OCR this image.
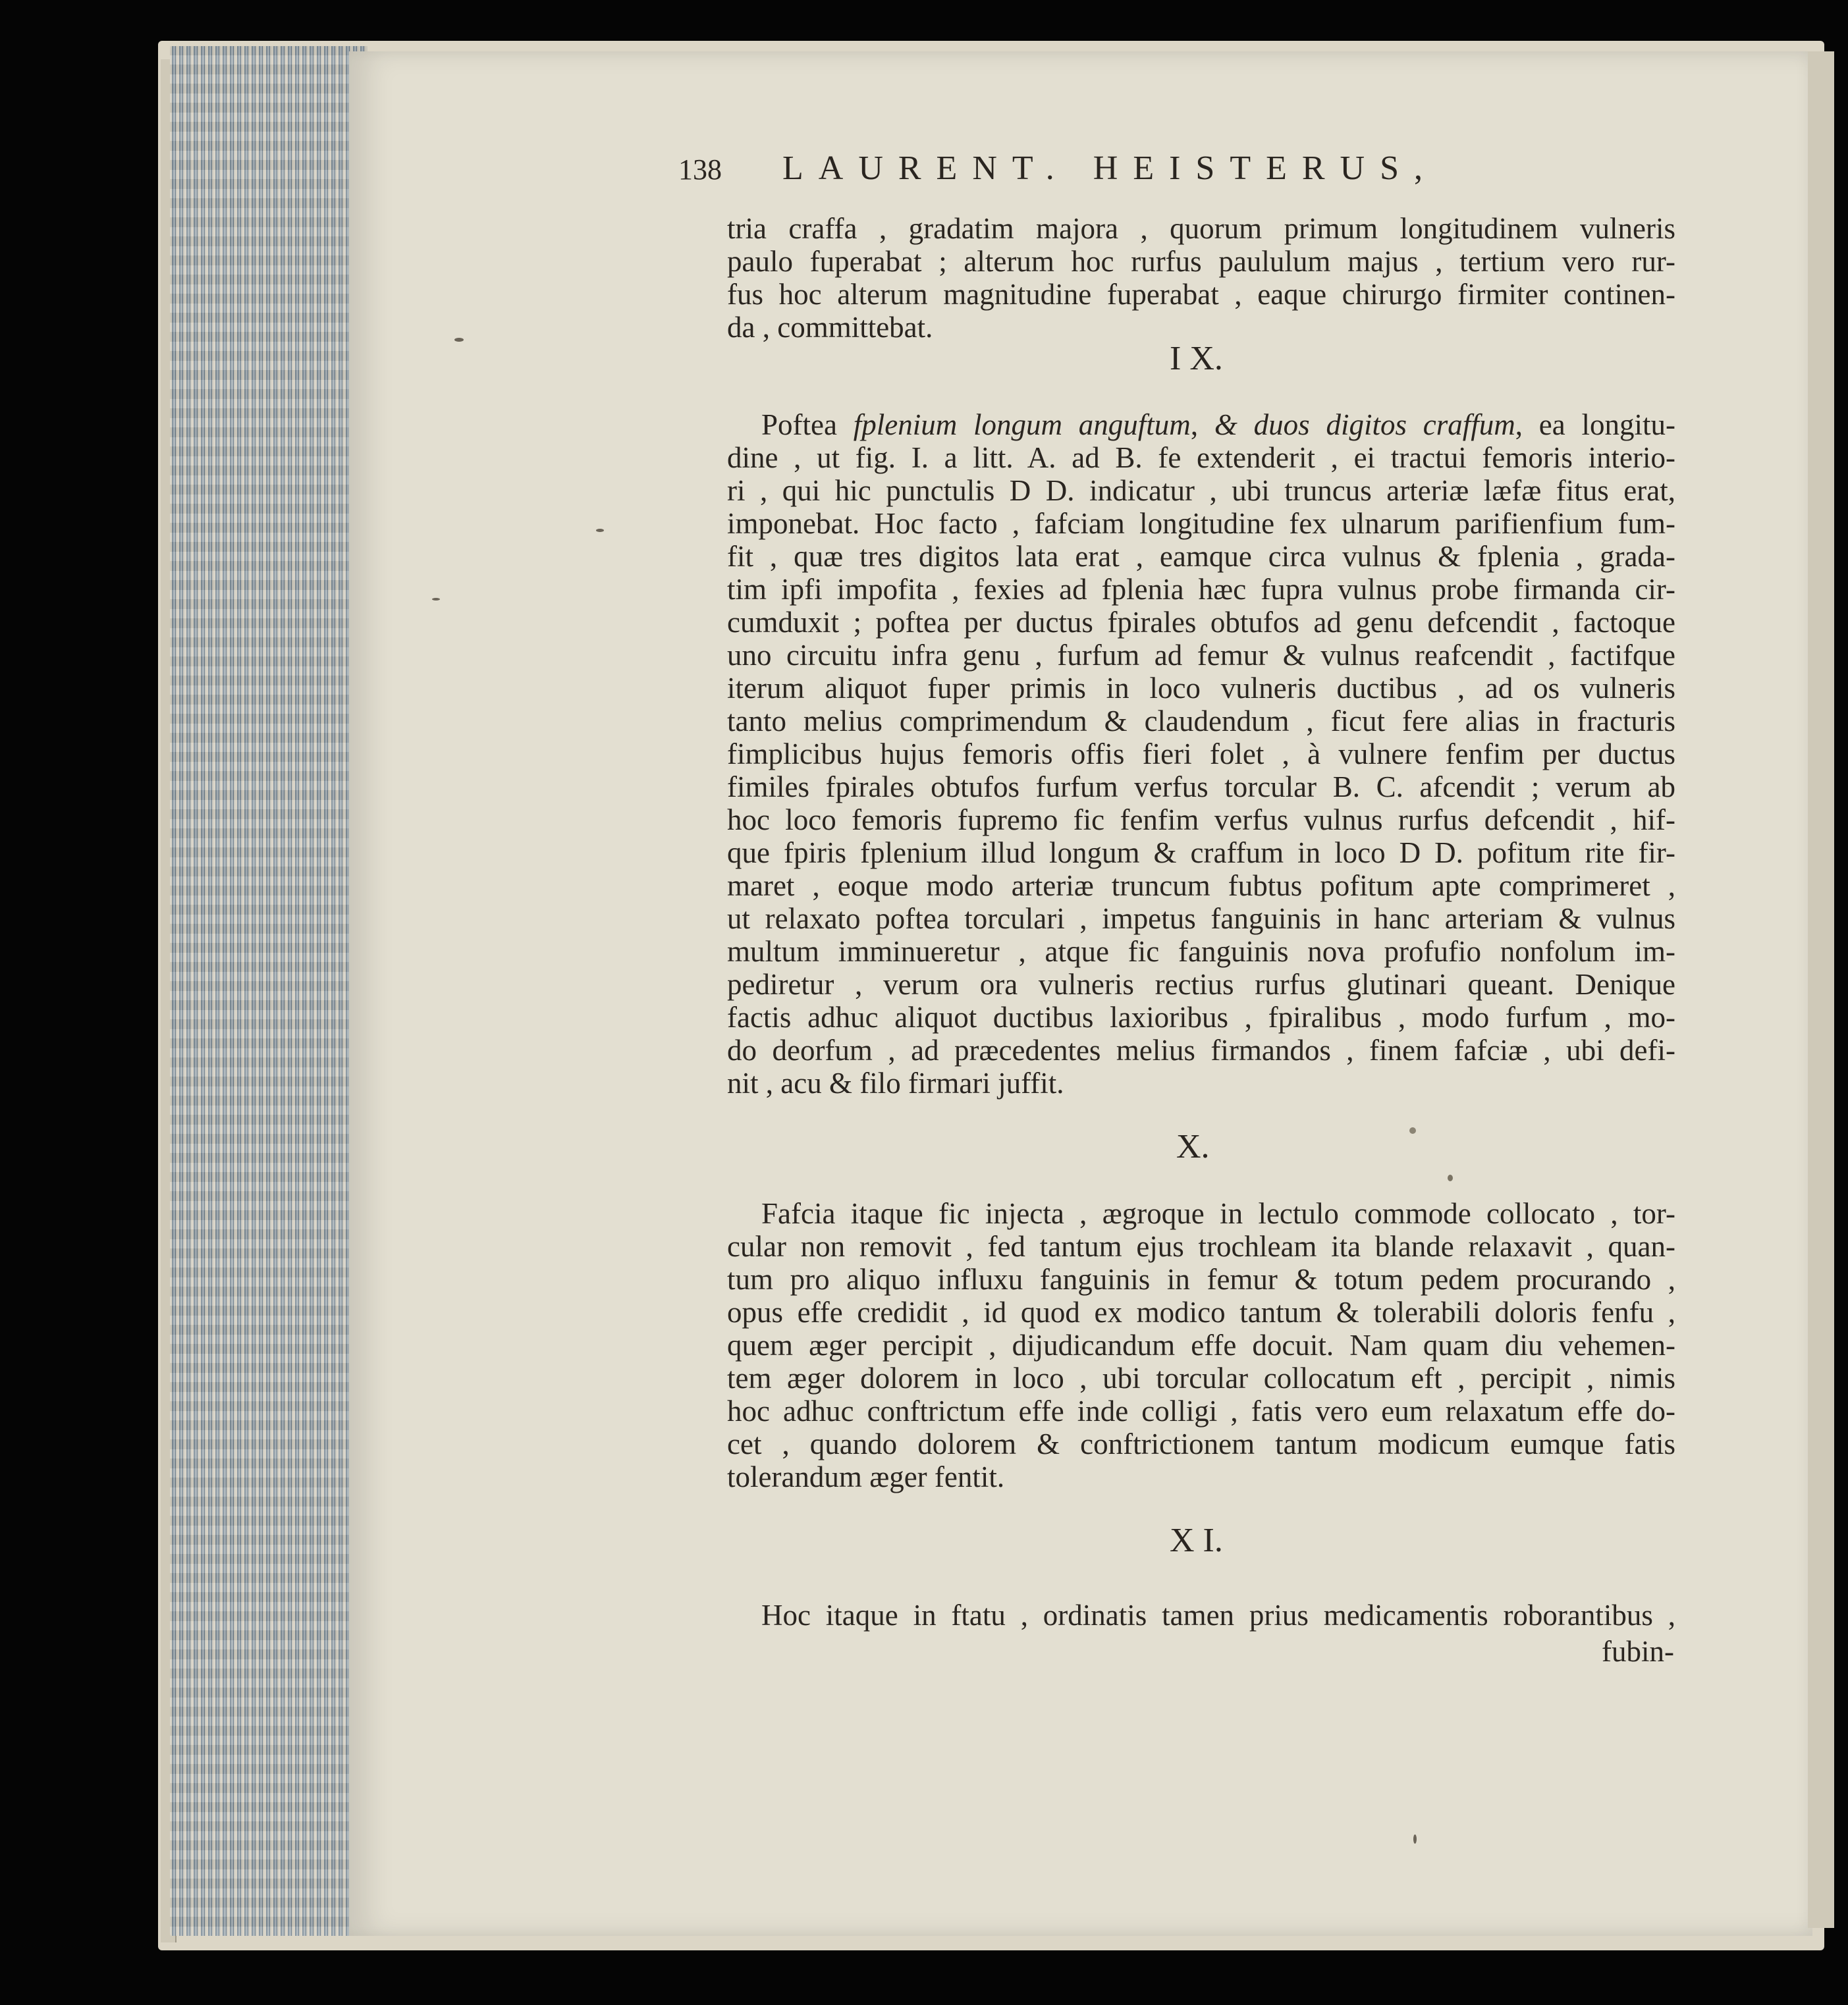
138 LAURENT. HEISTERUS,
tria craffa , gradatim majora , quorum primum longitudinem vulneris
paulo fuperabat ; alterum hoc rurfus paululum majus , tertium vero rur-
fus hoc alterum magnitudine fuperabat , eaque chirurgo firmiter continen-
da , committebat.
I X.
Poftea fplenium longum anguftum, & duos digitos craffum, ea longitu-
dine , ut fig. I. a litt. A. ad B. fe extenderit , ei tractui femoris interio-
ri , qui hic punctulis D D. indicatur , ubi truncus arteriæ læfæ fitus erat,
imponebat. Hoc facto , fafciam longitudine fex ulnarum parifienfium fum-
fit , quæ tres digitos lata erat , eamque circa vulnus & fplenia , grada-
tim ipfi impofita , fexies ad fplenia hæc fupra vulnus probe firmanda cir-
cumduxit ; poftea per ductus fpirales obtufos ad genu defcendit , factoque
uno circuitu infra genu , furfum ad femur & vulnus reafcendit , factifque
iterum aliquot fuper primis in loco vulneris ductibus , ad os vulneris
tanto melius comprimendum & claudendum , ficut fere alias in fracturis
fimplicibus hujus femoris offis fieri folet , à vulnere fenfim per ductus
fimiles fpirales obtufos furfum verfus torcular B. C. afcendit ; verum ab
hoc loco femoris fupremo fic fenfim verfus vulnus rurfus defcendit , hif-
que fpiris fplenium illud longum & craffum in loco D D. pofitum rite fir-
maret , eoque modo arteriæ truncum fubtus pofitum apte comprimeret ,
ut relaxato poftea torculari , impetus fanguinis in hanc arteriam & vulnus
multum imminueretur , atque fic fanguinis nova profufio nonfolum im-
pediretur , verum ora vulneris rectius rurfus glutinari queant. Denique
factis adhuc aliquot ductibus laxioribus , fpiralibus , modo furfum , mo-
do deorfum , ad præcedentes melius firmandos , finem fafciæ , ubi defi-
nit , acu & filo firmari juffit.
X.
Fafcia itaque fic injecta , ægroque in lectulo commode collocato , tor-
cular non removit , fed tantum ejus trochleam ita blande relaxavit , quan-
tum pro aliquo influxu fanguinis in femur & totum pedem procurando ,
opus effe credidit , id quod ex modico tantum & tolerabili doloris fenfu ,
quem æger percipit , dijudicandum effe docuit. Nam quam diu vehemen-
tem æger dolorem in loco , ubi torcular collocatum eft , percipit , nimis
hoc adhuc conftrictum effe inde colligi , fatis vero eum relaxatum effe do-
cet , quando dolorem & conftrictionem tantum modicum eumque fatis
tolerandum æger fentit.
X I.
Hoc itaque in ftatu , ordinatis tamen prius medicamentis roborantibus ,
fubin-
